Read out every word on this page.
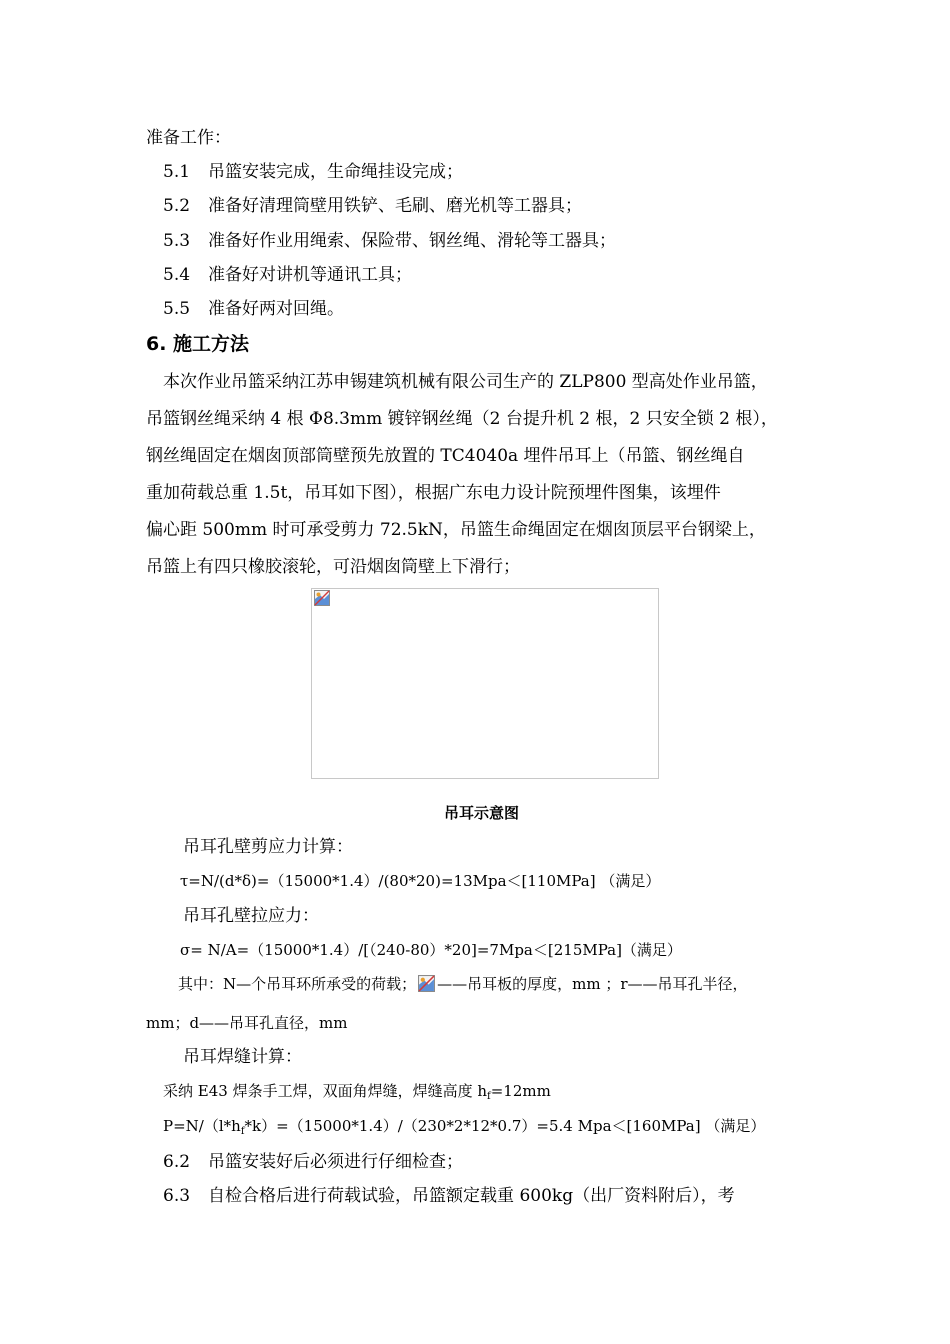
准备工作：
5.1 吊篮安装完成，生命绳挂设完成；
5.2 准备好清理筒壁用铁铲、毛刷、磨光机等工器具；
5.3 准备好作业用绳索、保险带、钢丝绳、滑轮等工器具；
5.4 准备好对讲机等通讯工具；
5.5 准备好两对回绳。
6. 施工方法
本次作业吊篮采纳江苏申锡建筑机械有限公司生产的 ZLP800 型高处作业吊篮，
吊篮钢丝绳采纳 4 根 Φ8.3mm 镀锌钢丝绳（2 台提升机 2 根，2 只安全锁 2 根），
钢丝绳固定在烟囱顶部筒壁预先放置的 TC4040a 埋件吊耳上（吊篮、钢丝绳自
重加荷载总重 1.5t，吊耳如下图），根据广东电力设计院预埋件图集，该埋件
偏心距 500mm 时可承受剪力 72.5kN，吊篮生命绳固定在烟囱顶层平台钢梁上，
吊篮上有四只橡胶滚轮，可沿烟囱筒壁上下滑行；
吊耳示意图
吊耳孔壁剪应力计算：
τ=N/(d*δ)=（15000*1.4）/(80*20)=13Mpa＜[110MPa] （满足）
吊耳孔壁拉应力：
σ= N/A=（15000*1.4）/[（240-80）*20]=7Mpa＜[215MPa]（满足）
其中：N—个吊耳环所承受的荷载； ——吊耳板的厚度，mm ；r——吊耳孔半径，
mm；d——吊耳孔直径，mm
吊耳焊缝计算：
采纳 E43 焊条手工焊，双面角焊缝，焊缝高度 $h_f=12mm$
$P=N/(l*h_f*k)=(15000*1.4)/(230*2*12*0.7)=5.4$ Mpa＜[160MPa] （满足）
6.2 吊篮安装好后必须进行仔细检查；
6.3 自检合格后进行荷载试验，吊篮额定载重 600kg（出厂资料附后），考
